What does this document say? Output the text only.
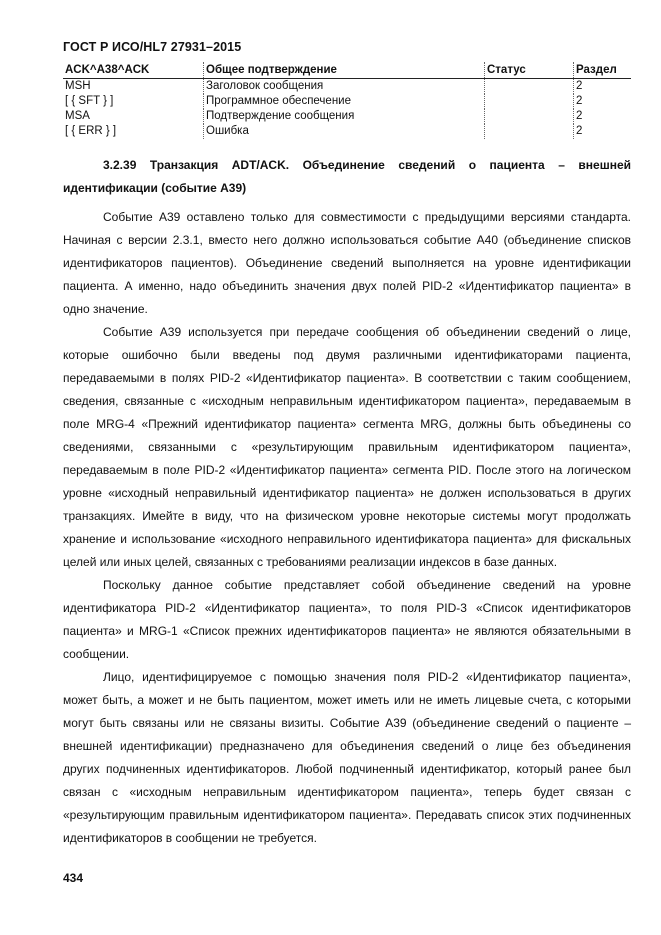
ГОСТ Р ИСО/HL7 27931–2015
ACK^A38^ACK	Общее подтверждение	Статус	Раздел
MSH	Заголовок сообщения		2
[ { SFT } ]	Программное обеспечение		2
MSA	Подтверждение сообщения		2
[ { ERR } ]	Ошибка		2
3.2.39 Транзакция ADT/ACK. Объединение сведений о пациента – внешней идентификации (событие A39)

Событие A39 оставлено только для совместимости с предыдущими версиями стандарта. Начиная с версии 2.3.1, вместо него должно использоваться событие A40 (объединение списков идентификаторов пациентов). Объединение сведений выполняется на уровне идентификации пациента. А именно, надо объединить значения двух полей PID-2 «Идентификатор пациента» в одно значение.

Событие A39 используется при передаче сообщения об объединении сведений о лице, которые ошибочно были введены под двумя различными идентификаторами пациента, передаваемыми в полях PID-2 «Идентификатор пациента». В соответствии с таким сообщением, сведения, связанные с «исходным неправильным идентификатором пациента», передаваемым в поле MRG-4 «Прежний идентификатор пациента» сегмента MRG, должны быть объединены со сведениями, связанными с «результирующим правильным идентификатором пациента», передаваемым в поле PID-2 «Идентификатор пациента» сегмента PID. После этого на логическом уровне «исходный неправильный идентификатор пациента» не должен использоваться в других транзакциях. Имейте в виду, что на физическом уровне некоторые системы могут продолжать хранение и использование «исходного неправильного идентификатора пациента» для фискальных целей или иных целей, связанных с требованиями реализации индексов в базе данных.

Поскольку данное событие представляет собой объединение сведений на уровне идентификатора PID-2 «Идентификатор пациента», то поля PID-3 «Список идентификаторов пациента» и MRG-1 «Список прежних идентификаторов пациента» не являются обязательными в сообщении.

Лицо, идентифицируемое с помощью значения поля PID-2 «Идентификатор пациента», может быть, а может и не быть пациентом, может иметь или не иметь лицевые счета, с которыми могут быть связаны или не связаны визиты. Событие A39 (объединение сведений о пациенте – внешней идентификации) предназначено для объединения сведений о лице без объединения других подчиненных идентификаторов. Любой подчиненный идентификатор, который ранее был связан с «исходным неправильным идентификатором пациента», теперь будет связан с «результирующим правильным идентификатором пациента». Передавать список этих подчиненных идентификаторов в сообщении не требуется.

434
